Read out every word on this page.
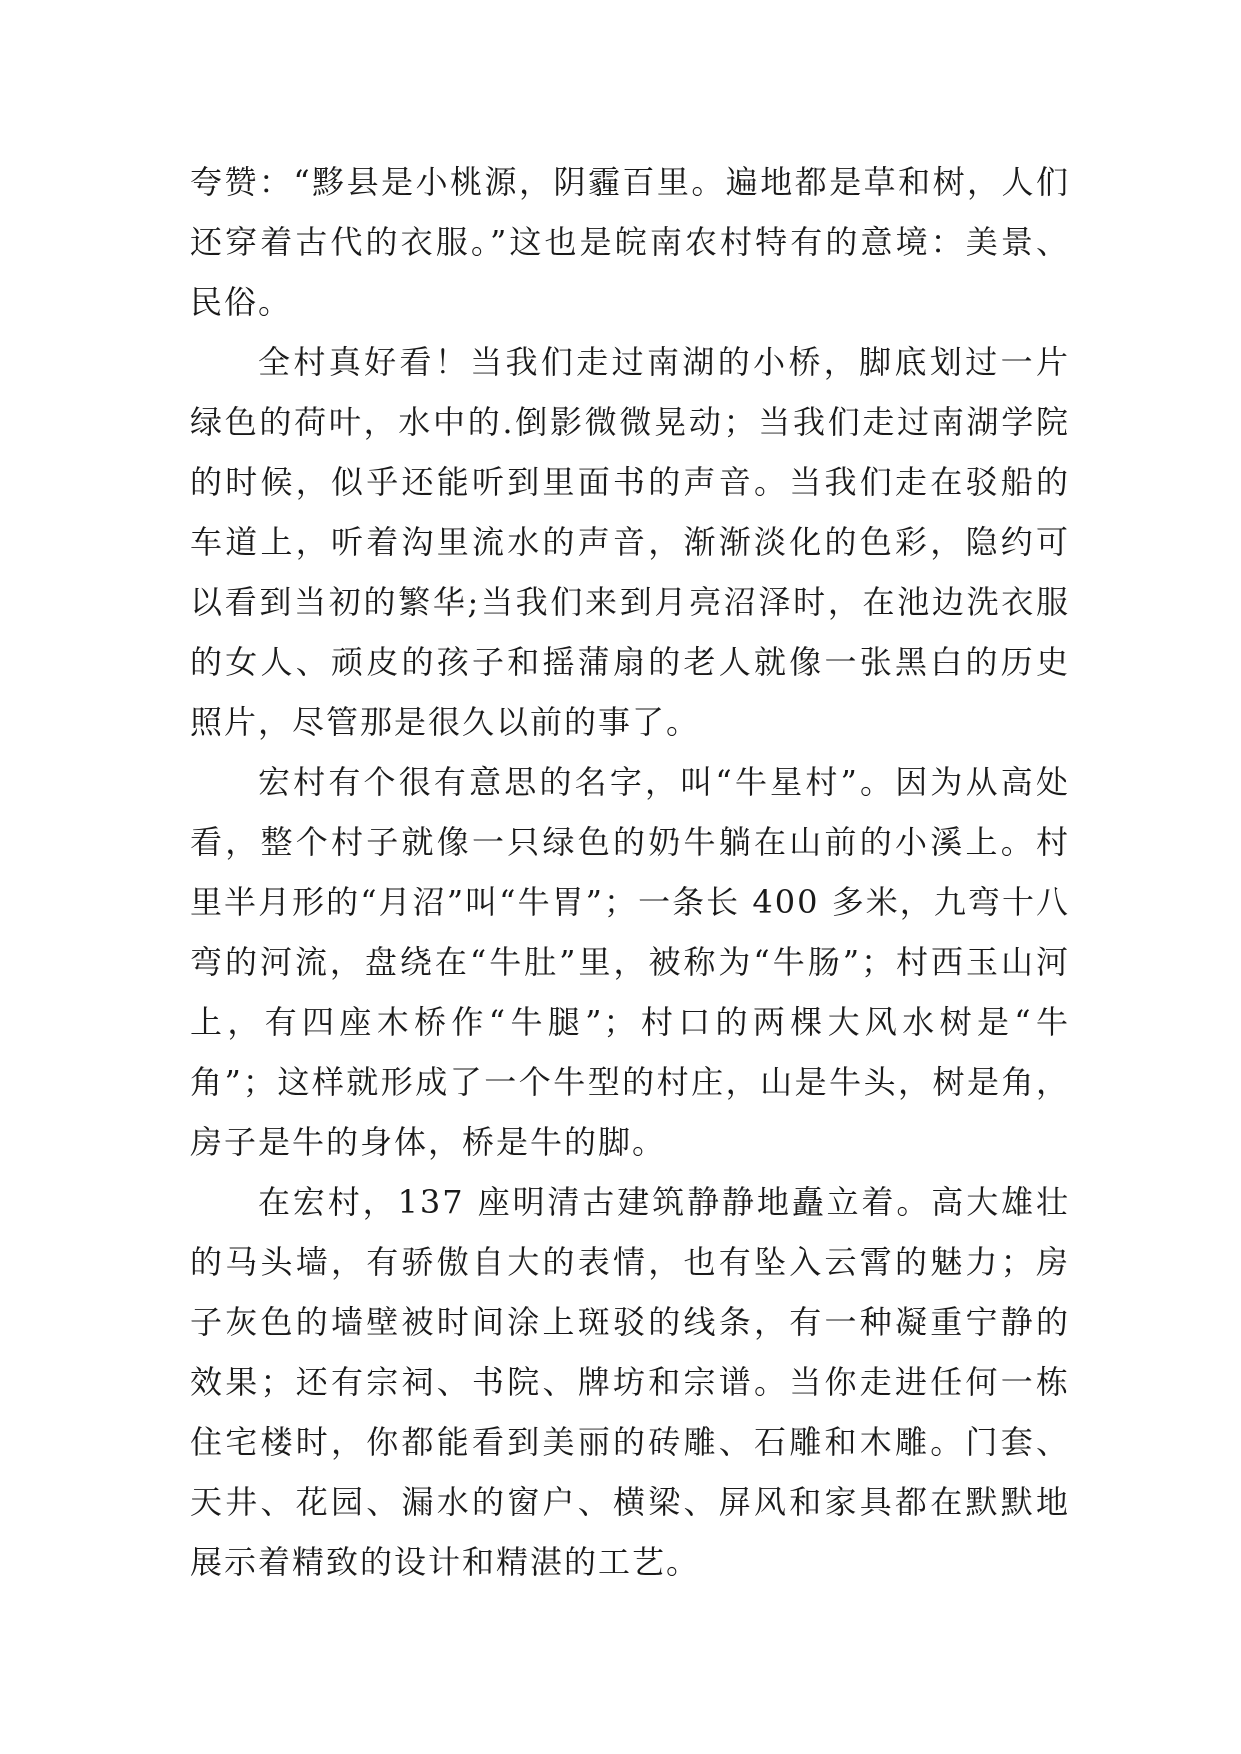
夸赞：“黟县是小桃源，阴霾百里。遍地都是草和树，人们还穿着古代的衣服。”这也是皖南农村特有的意境：美景、民俗。

全村真好看！当我们走过南湖的小桥，脚底划过一片绿色的荷叶，水中的.倒影微微晃动；当我们走过南湖学院的时候，似乎还能听到里面书的声音。当我们走在驳船的车道上，听着沟里流水的声音，渐渐淡化的色彩，隐约可以看到当初的繁华;当我们来到月亮沼泽时，在池边洗衣服的女人、顽皮的孩子和摇蒲扇的老人就像一张黑白的历史照片，尽管那是很久以前的事了。

宏村有个很有意思的名字，叫“牛星村”。因为从高处看，整个村子就像一只绿色的奶牛躺在山前的小溪上。村里半月形的“月沼”叫“牛胃”；一条长 400 多米，九弯十八弯的河流，盘绕在“牛肚”里，被称为“牛肠”；村西玉山河上，有四座木桥作“牛腿”；村口的两棵大风水树是“牛角”；这样就形成了一个牛型的村庄，山是牛头，树是角，房子是牛的身体，桥是牛的脚。

在宏村，137 座明清古建筑静静地矗立着。高大雄壮的马头墙，有骄傲自大的表情，也有坠入云霄的魅力；房子灰色的墙壁被时间涂上斑驳的线条，有一种凝重宁静的效果；还有宗祠、书院、牌坊和宗谱。当你走进任何一栋住宅楼时，你都能看到美丽的砖雕、石雕和木雕。门套、天井、花园、漏水的窗户、横梁、屏风和家具都在默默地展示着精致的设计和精湛的工艺。
